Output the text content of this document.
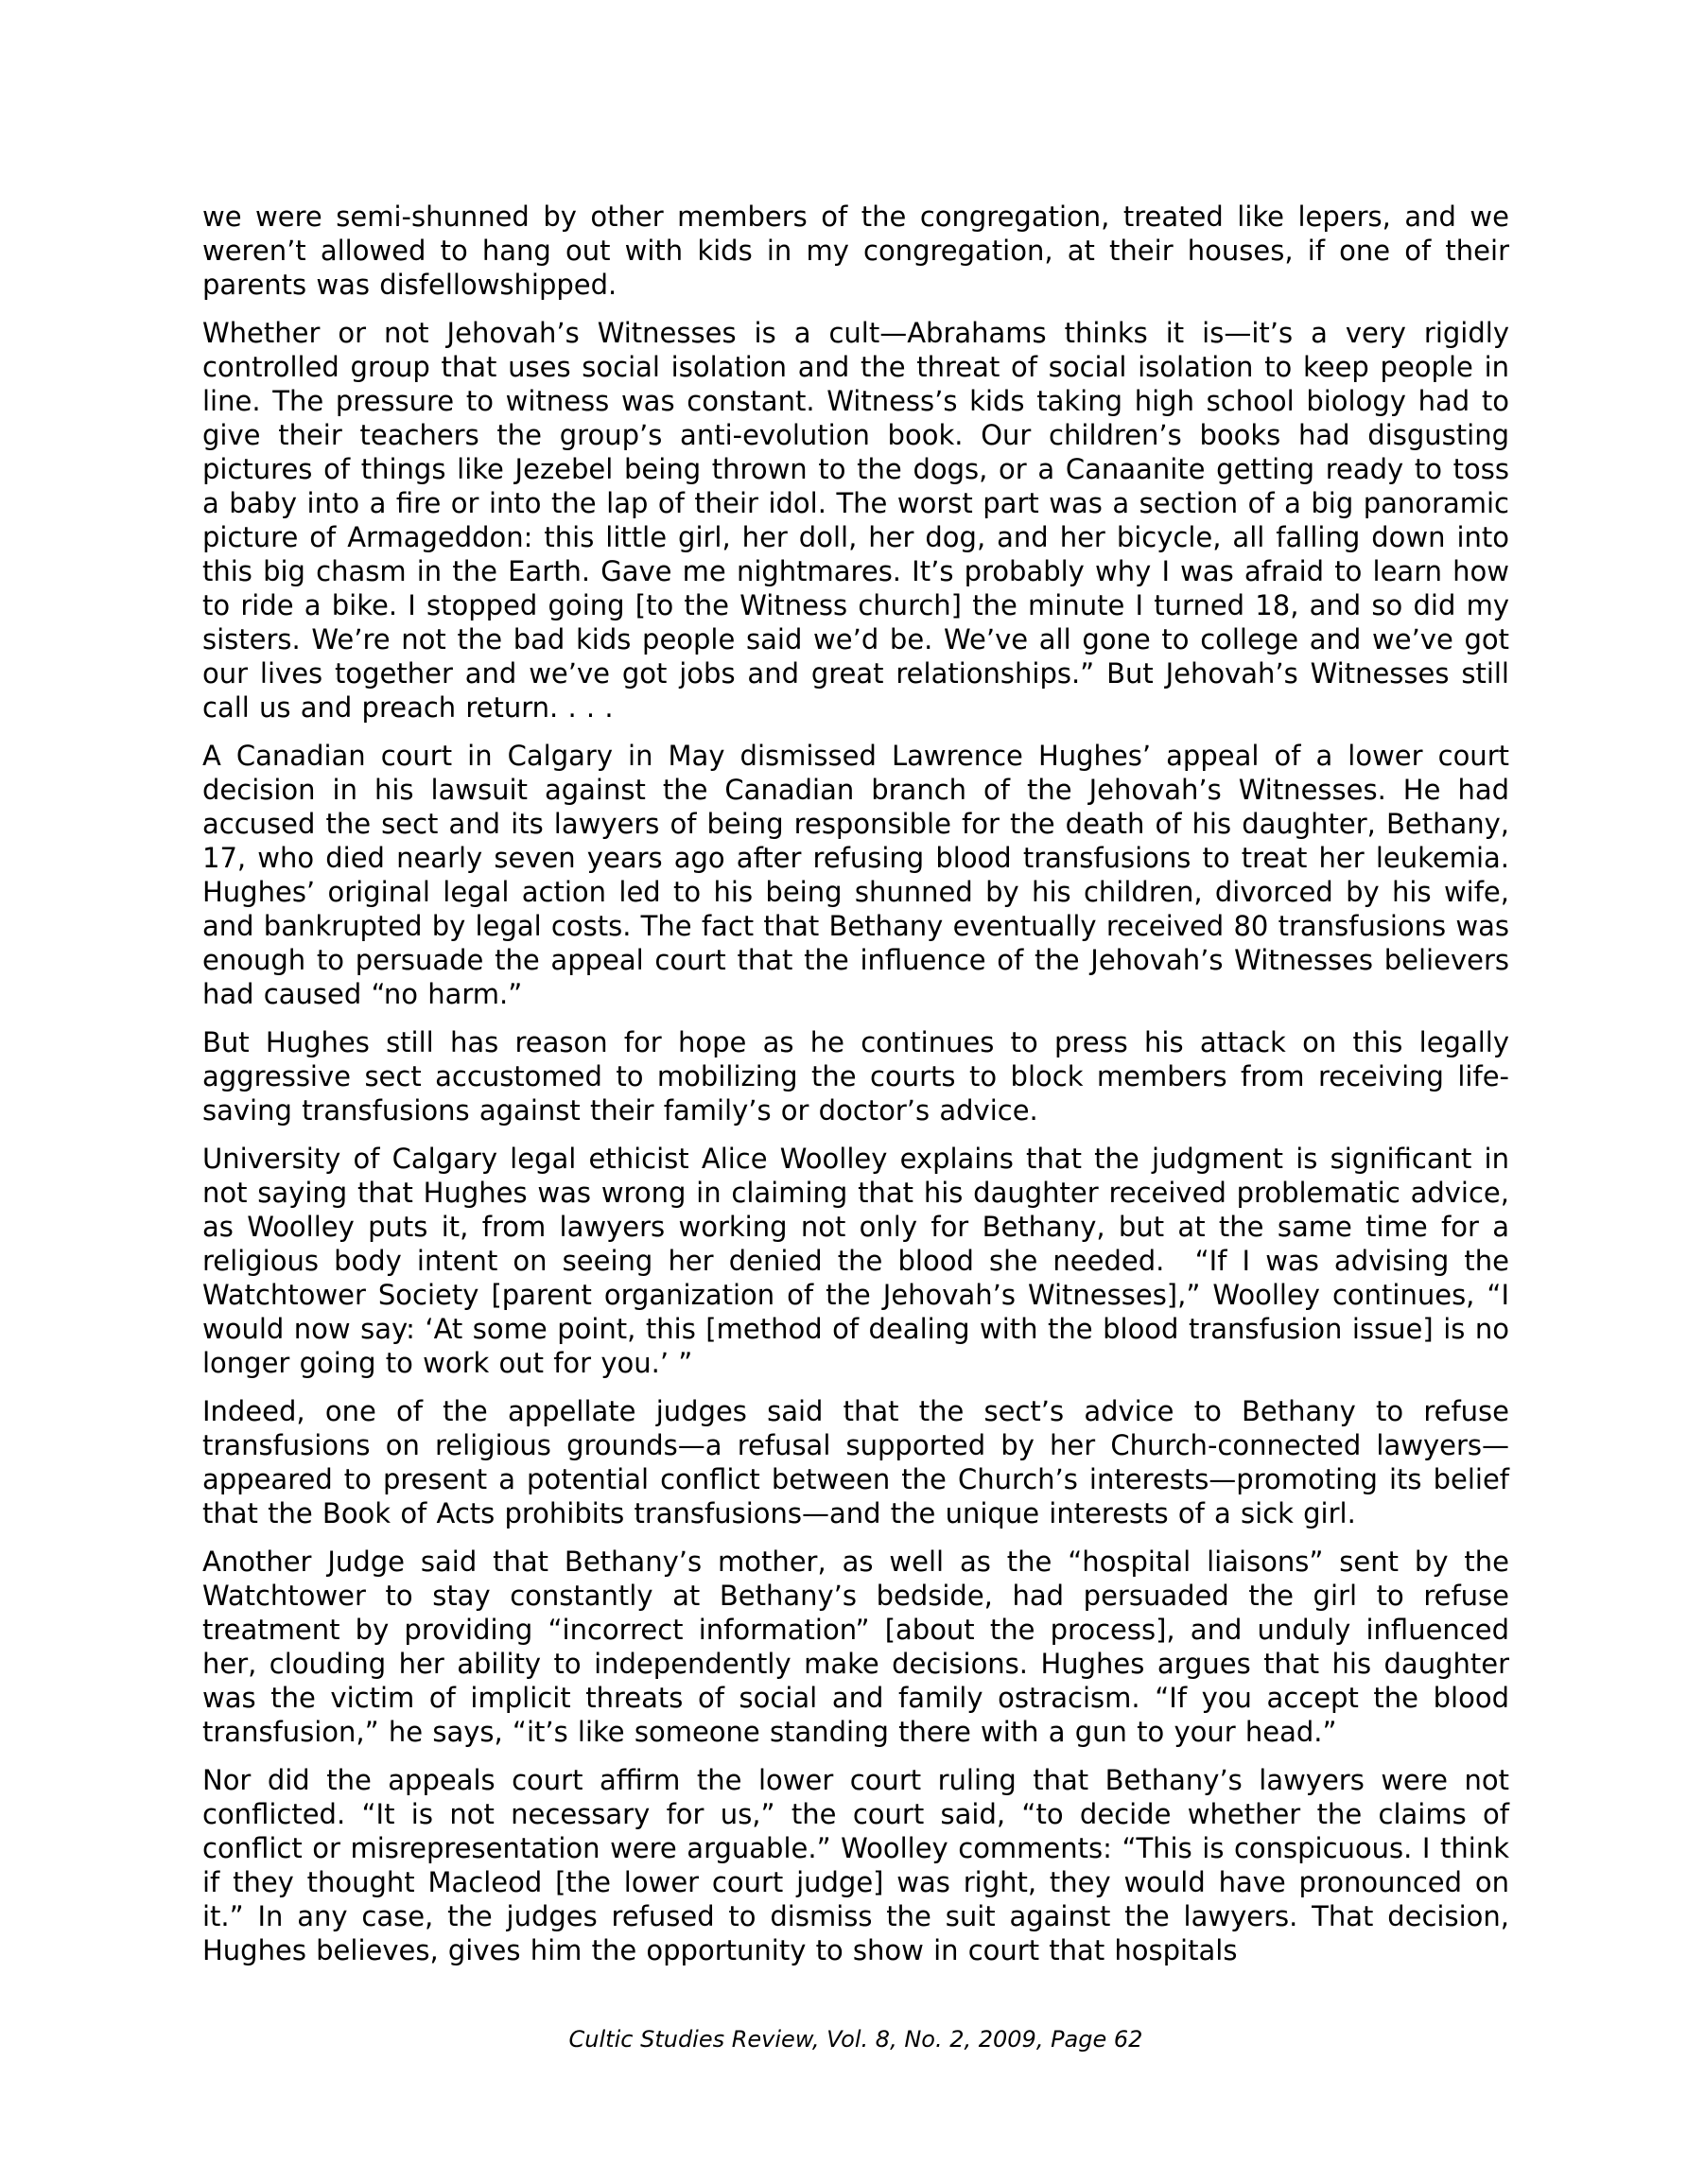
we were semi-shunned by other members of the congregation, treated like lepers, and we weren’t allowed to hang out with kids in my congregation, at their houses, if one of their parents was disfellowshipped.

Whether or not Jehovah’s Witnesses is a cult—Abrahams thinks it is—it’s a very rigidly controlled group that uses social isolation and the threat of social isolation to keep people in line. The pressure to witness was constant. Witness’s kids taking high school biology had to give their teachers the group’s anti-evolution book. Our children’s books had disgusting pictures of things like Jezebel being thrown to the dogs, or a Canaanite getting ready to toss a baby into a fire or into the lap of their idol. The worst part was a section of a big panoramic picture of Armageddon: this little girl, her doll, her dog, and her bicycle, all falling down into this big chasm in the Earth. Gave me nightmares. It’s probably why I was afraid to learn how to ride a bike. I stopped going [to the Witness church] the minute I turned 18, and so did my sisters. We’re not the bad kids people said we’d be. We’ve all gone to college and we’ve got our lives together and we’ve got jobs and great relationships.” But Jehovah’s Witnesses still call us and preach return. . . .

A Canadian court in Calgary in May dismissed Lawrence Hughes’ appeal of a lower court decision in his lawsuit against the Canadian branch of the Jehovah’s Witnesses. He had accused the sect and its lawyers of being responsible for the death of his daughter, Bethany, 17, who died nearly seven years ago after refusing blood transfusions to treat her leukemia. Hughes’ original legal action led to his being shunned by his children, divorced by his wife, and bankrupted by legal costs. The fact that Bethany eventually received 80 transfusions was enough to persuade the appeal court that the influence of the Jehovah’s Witnesses believers had caused “no harm.”

But Hughes still has reason for hope as he continues to press his attack on this legally aggressive sect accustomed to mobilizing the courts to block members from receiving life-saving transfusions against their family’s or doctor’s advice.

University of Calgary legal ethicist Alice Woolley explains that the judgment is significant in not saying that Hughes was wrong in claiming that his daughter received problematic advice, as Woolley puts it, from lawyers working not only for Bethany, but at the same time for a religious body intent on seeing her denied the blood she needed.  “If I was advising the Watchtower Society [parent organization of the Jehovah’s Witnesses],” Woolley continues, “I would now say: ‘At some point, this [method of dealing with the blood transfusion issue] is no longer going to work out for you.’ ”

Indeed, one of the appellate judges said that the sect’s advice to Bethany to refuse transfusions on religious grounds—a refusal supported by her Church-connected lawyers—appeared to present a potential conflict between the Church’s interests—promoting its belief that the Book of Acts prohibits transfusions—and the unique interests of a sick girl.

Another Judge said that Bethany’s mother, as well as the “hospital liaisons” sent by the Watchtower to stay constantly at Bethany’s bedside, had persuaded the girl to refuse treatment by providing “incorrect information” [about the process], and unduly influenced her, clouding her ability to independently make decisions. Hughes argues that his daughter was the victim of implicit threats of social and family ostracism. “If you accept the blood transfusion,” he says, “it’s like someone standing there with a gun to your head.”

Nor did the appeals court affirm the lower court ruling that Bethany’s lawyers were not conflicted. “It is not necessary for us,” the court said, “to decide whether the claims of conflict or misrepresentation were arguable.” Woolley comments: “This is conspicuous. I think if they thought Macleod [the lower court judge] was right, they would have pronounced on it.” In any case, the judges refused to dismiss the suit against the lawyers. That decision, Hughes believes, gives him the opportunity to show in court that hospitals

Cultic Studies Review, Vol. 8, No. 2, 2009, Page 62
